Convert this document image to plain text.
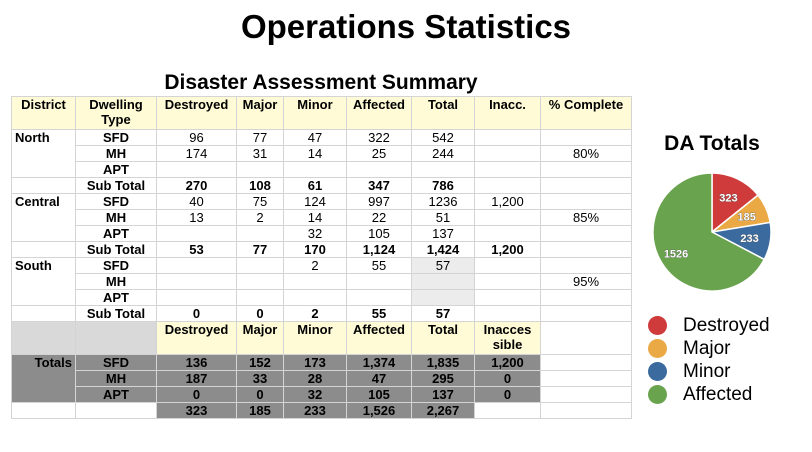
Operations Statistics
Disaster Assessment Summary
District	Dwelling Type	Destroyed	Major	Minor	Affected	Total	Inacc.	% Complete
North	SFD	96	77	47	322	542		
	MH	174	31	14	25	244		80%
	APT							
	Sub Total	270	108	61	347	786		
Central	SFD	40	75	124	997	1236	1,200	
	MH	13	2	14	22	51		85%
	APT			32	105	137		
	Sub Total	53	77	170	1,124	1,424	1,200	
South	SFD			2	55	57		
	MH							95%
	APT							
	Sub Total	0	0	2	55	57		
		Destroyed	Major	Minor	Affected	Total	Inacces sible	
Totals	SFD	136	152	173	1,374	1,835	1,200	
	MH	187	33	28	47	295	0	
	APT	0	0	32	105	137	0	
		323	185	233	1,526	2,267		
DA Totals
323
185
233
1526
Destroyed
Major
Minor
Affected
